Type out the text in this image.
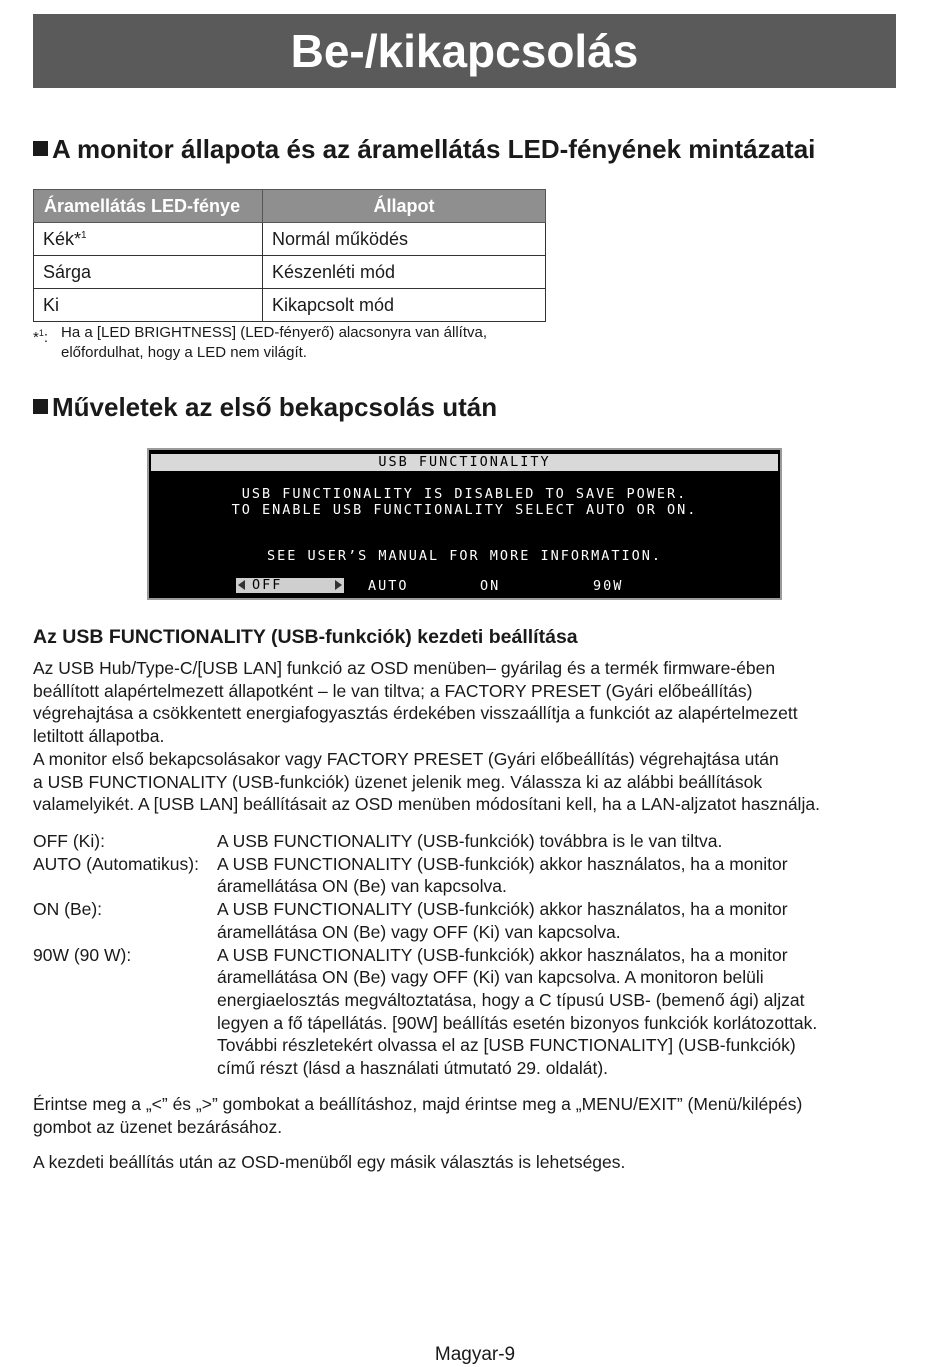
Be-/kikapcsolás
A monitor állapota és az áramellátás LED-fényének mintázatai
Áramellátás LED-fénye	Állapot
Kék*$^1$	Normál működés
Sárga	Készenléti mód
Ki	Kikapcsolt mód
*$^1$: Ha a [LED BRIGHTNESS] (LED-fényerő) alacsonyra van állítva, előfordulhat, hogy a LED nem világít.
Műveletek az első bekapcsolás után
USB FUNCTIONALITY
USB FUNCTIONALITY IS DISABLED TO SAVE POWER.
TO ENABLE USB FUNCTIONALITY SELECT AUTO OR ON.
SEE USER’S MANUAL FOR MORE INFORMATION.
OFF	AUTO	ON	90W
Az USB FUNCTIONALITY (USB-funkciók) kezdeti beállítása
Az USB Hub/Type-C/[USB LAN] funkció az OSD menüben– gyárilag és a termék firmware-ében
beállított alapértelmezett állapotként – le van tiltva; a FACTORY PRESET (Gyári előbeállítás)
végrehajtása a csökkentett energiafogyasztás érdekében visszaállítja a funkciót az alapértelmezett
letiltott állapotba.
A monitor első bekapcsolásakor vagy FACTORY PRESET (Gyári előbeállítás) végrehajtása után
a USB FUNCTIONALITY (USB-funkciók) üzenet jelenik meg. Válassza ki az alábbi beállítások
valamelyikét. A [USB LAN] beállításait az OSD menüben módosítani kell, ha a LAN-aljzatot használja.
OFF (Ki):	A USB FUNCTIONALITY (USB-funkciók) továbbra is le van tiltva.
AUTO (Automatikus):	A USB FUNCTIONALITY (USB-funkciók) akkor használatos, ha a monitor
áramellátása ON (Be) van kapcsolva.
ON (Be):	A USB FUNCTIONALITY (USB-funkciók) akkor használatos, ha a monitor
áramellátása ON (Be) vagy OFF (Ki) van kapcsolva.
90W (90 W):	A USB FUNCTIONALITY (USB-funkciók) akkor használatos, ha a monitor
áramellátása ON (Be) vagy OFF (Ki) van kapcsolva. A monitoron belüli
energiaelosztás megváltoztatása, hogy a C típusú USB- (bemenő ági) aljzat
legyen a fő tápellátás. [90W] beállítás esetén bizonyos funkciók korlátozottak.
További részletekért olvassa el az [USB FUNCTIONALITY] (USB-funkciók)
című részt (lásd a használati útmutató 29. oldalát).
Érintse meg a „<” és „>” gombokat a beállításhoz, majd érintse meg a „MENU/EXIT” (Menü/kilépés)
gombot az üzenet bezárásához.
A kezdeti beállítás után az OSD-menüből egy másik választás is lehetséges.
Magyar-9
